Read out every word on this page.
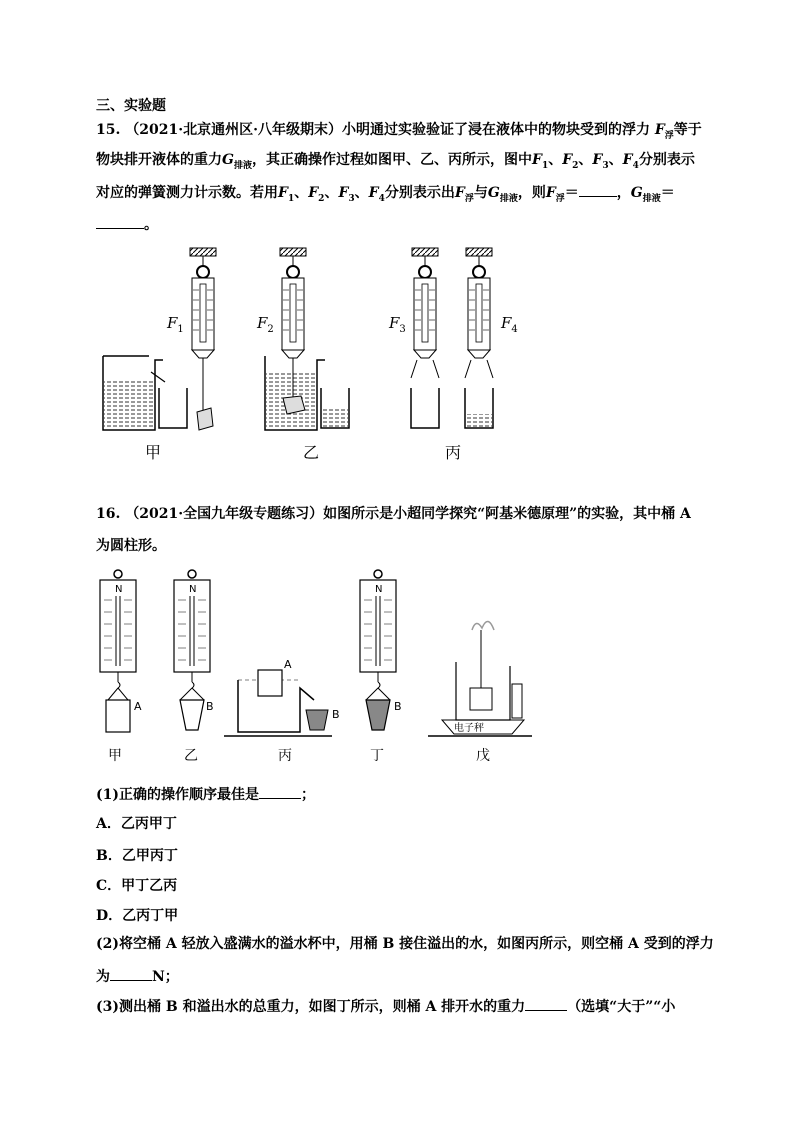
三、实验题
15. （2021·北京通州区·八年级期末）小明通过实验验证了浸在液体中的物块受到的浮力 $F_浮$等于
物块排开液体的重力$G_{排液}$，其正确操作过程如图甲、乙、丙所示，图中$F_1$、$F_2$、$F_3$、$F_4$分别表示
对应的弹簧测力计示数。若用$F_1$、$F_2$、$F_3$、$F_4$分别表示出$F_浮$与$G_{排液}$，则$F_浮=$	，$G_{排液}=$
。
$F_1$	$F_2$	$F_3$	$F_4$
甲	乙	丙
16. （2021·全国九年级专题练习）如图所示是小超同学探究“阿基米德原理”的实验，其中桶 A
为圆柱形。
N
A	B
A
B
B
电子秤
甲	乙	丙	丁	戊
(1)正确的操作顺序最佳是	；
A．乙丙甲丁
B．乙甲丙丁
C．甲丁乙丙
D．乙丙丁甲
(2)将空桶 A 轻放入盛满水的溢水杯中，用桶 B 接住溢出的水，如图丙所示，则空桶 A 受到的浮力
为	N；
(3)测出桶 B 和溢出水的总重力，如图丁所示，则桶 A 排开水的重力	（选填“大于”“小
